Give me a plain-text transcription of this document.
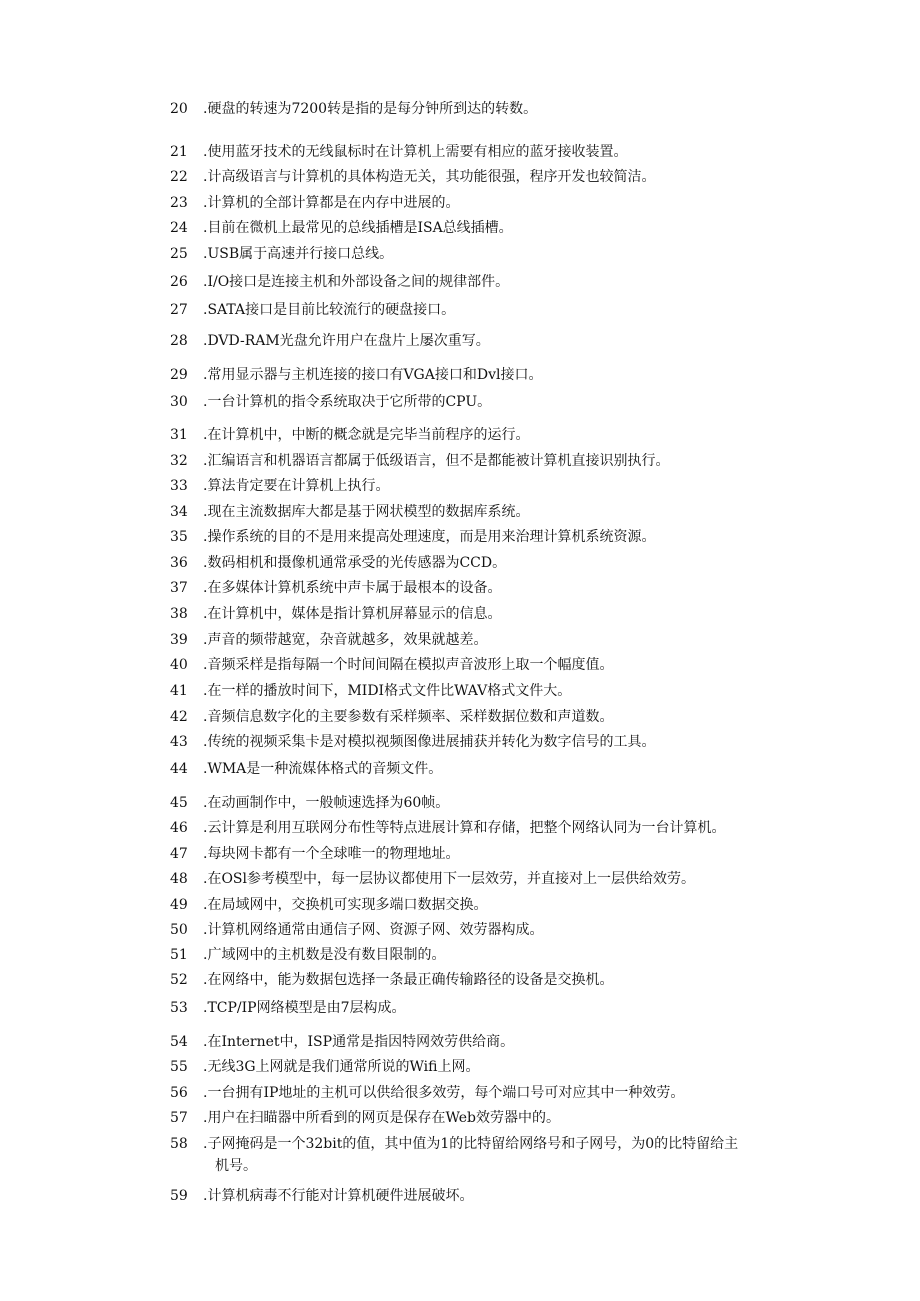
20 .硬盘的转速为7200转是指的是每分钟所到达的转数。
21 .使用蓝牙技术的无线鼠标时在计算机上需要有相应的蓝牙接收装置。
22 .计高级语言与计算机的具体构造无关，其功能很强，程序开发也较简洁。
23 .计算机的全部计算都是在内存中进展的。
24 .目前在微机上最常见的总线插槽是ISA总线插槽。
25 .USB属于高速并行接口总线。
26 .I/O接口是连接主机和外部设备之间的规律部件。
27 .SATA接口是目前比较流行的硬盘接口。
28 .DVD-RAM光盘允许用户在盘片上屡次重写。
29 .常用显示器与主机连接的接口有VGA接口和Dvl接口。
30 .一台计算机的指令系统取决于它所带的CPU。
31 .在计算机中，中断的概念就是完毕当前程序的运行。
32 .汇编语言和机器语言都属于低级语言，但不是都能被计算机直接识别执行。
33 .算法肯定要在计算机上执行。
34 .现在主流数据库大都是基于网状模型的数据库系统。
35 .操作系统的目的不是用来提高处理速度，而是用来治理计算机系统资源。
36 .数码相机和摄像机通常承受的光传感器为CCD。
37 .在多媒体计算机系统中声卡属于最根本的设备。
38 .在计算机中，媒体是指计算机屏幕显示的信息。
39 .声音的频带越宽，杂音就越多，效果就越差。
40 .音频采样是指每隔一个时间间隔在模拟声音波形上取一个幅度值。
41 .在一样的播放时间下，MIDI格式文件比WAV格式文件大。
42 .音频信息数字化的主要参数有采样频率、采样数据位数和声道数。
43 .传统的视频采集卡是对模拟视频图像进展捕获并转化为数字信号的工具。
44 .WMA是一种流媒体格式的音频文件。
45 .在动画制作中，一般帧速选择为60帧。
46 .云计算是利用互联网分布性等特点进展计算和存储，把整个网络认同为一台计算机。
47 .每块网卡都有一个全球唯一的物理地址。
48 .在OSl参考模型中，每一层协议都使用下一层效劳，并直接对上一层供给效劳。
49 .在局域网中，交换机可实现多端口数据交换。
50 .计算机网络通常由通信子网、资源子网、效劳器构成。
51 .广域网中的主机数是没有数目限制的。
52 .在网络中，能为数据包选择一条最正确传输路径的设备是交换机。
53 .TCP/IP网络模型是由7层构成。
54 .在Internet中，ISP通常是指因特网效劳供给商。
55 .无线3G上网就是我们通常所说的Wifi上网。
56 .一台拥有IP地址的主机可以供给很多效劳，每个端口号可对应其中一种效劳。
57 .用户在扫瞄器中所看到的网页是保存在Web效劳器中的。
58 .子网掩码是一个32bit的值，其中值为1的比特留给网络号和子网号，为0的比特留给主
机号。
59 .计算机病毒不行能对计算机硬件进展破坏。
